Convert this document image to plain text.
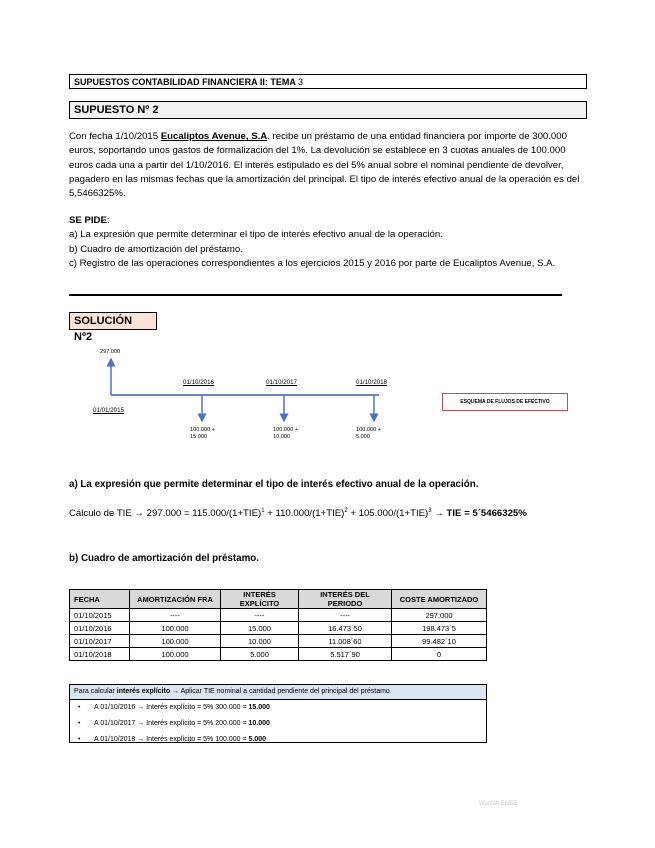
SUPUESTOS CONTABILIDAD FINANCIERA II: TEMA 3
SUPUESTO Nº 2
Con fecha 1/10/2015 Eucaliptos Avenue, S.A. recibe un préstamo de una entidad financiera por importe de 300.000 euros, soportando unos gastos de formalización del 1%. La devolución se establece en 3 cuotas anuales de 100.000 euros cada una a partir del 1/10/2016. El interés estipulado es del 5% anual sobre el nominal pendiente de devolver, pagadero en las mismas fechas que la amortización del principal. El tipo de interés efectivo anual de la operación es del 5,5466325%.
SE PIDE:
a) La expresión que permite determinar el tipo de interés efectivo anual de la operación.
b) Cuadro de amortización del préstamo.
c) Registro de las operaciones correspondientes a los ejercicios 2015 y 2016 por parte de Eucaliptos Avenue, S.A.
SOLUCIÓN Nº2
297.000
01/01/2015
01/10/2016	01/10/2017	01/10/2018
100.000 +
15.000
100.000 +
10.000
100.000 +
5.000
ESQUEMA DE FLUJOS DE EFECTIVO
a) La expresión que permite determinar el tipo de interés efectivo anual de la operación.
Cálculo de TIE → $297.000 = 115.000/(1+TIE)^1 + 110.000/(1+TIE)^2 + 105.000/(1+TIE)^3$ → TIE = 5´5466325%
b) Cuadro de amortización del préstamo.
FECHA	AMORTIZACIÓN FRA	INTERÉS EXPLÍCITO	INTERÉS DEL PERIODO	COSTE AMORTIZADO
01/10/2015	----	----	----	297.000
01/10/2016	100.000	15.000	16.473´50	198.473´5
01/10/2017	100.000	10.000	11.008´60	99.482´10
01/10/2018	100.000	5.000	5.517´90	0
Para calcular interés explícito → Aplicar TIE nominal a cantidad pendiente del principal del préstamo
• A 01/10/2016 → Interés explícito = 5% 300.000 = 15.000
• A 01/10/2017 → Interés explícito = 5% 200.000 = 10.000
• A 01/10/2018 → Interés explícito = 5% 100.000 = 5.000
Wuolah.ENBE
